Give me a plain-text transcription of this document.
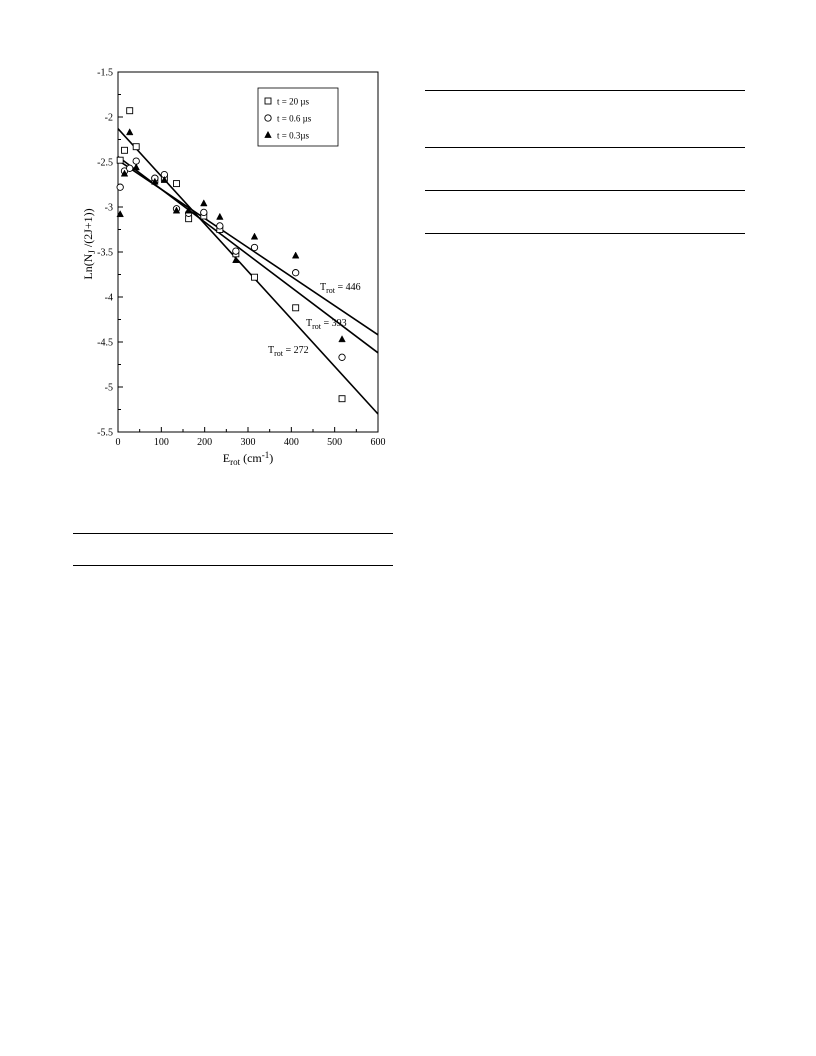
0	100	200	300	400	500	600
-1.5
-2
-2.5
-3
-3.5
-4
-4.5
-5
-5.5
t = 20 µs
t = 0.6 µs
t = 0.3µs
$E_{rot}$ $(cm^{-1})$
$Ln(N_J$ /(2J+1))
$T_{rot} = 446$
$T_{rot} = 393$
$T_{rot} = 272$
